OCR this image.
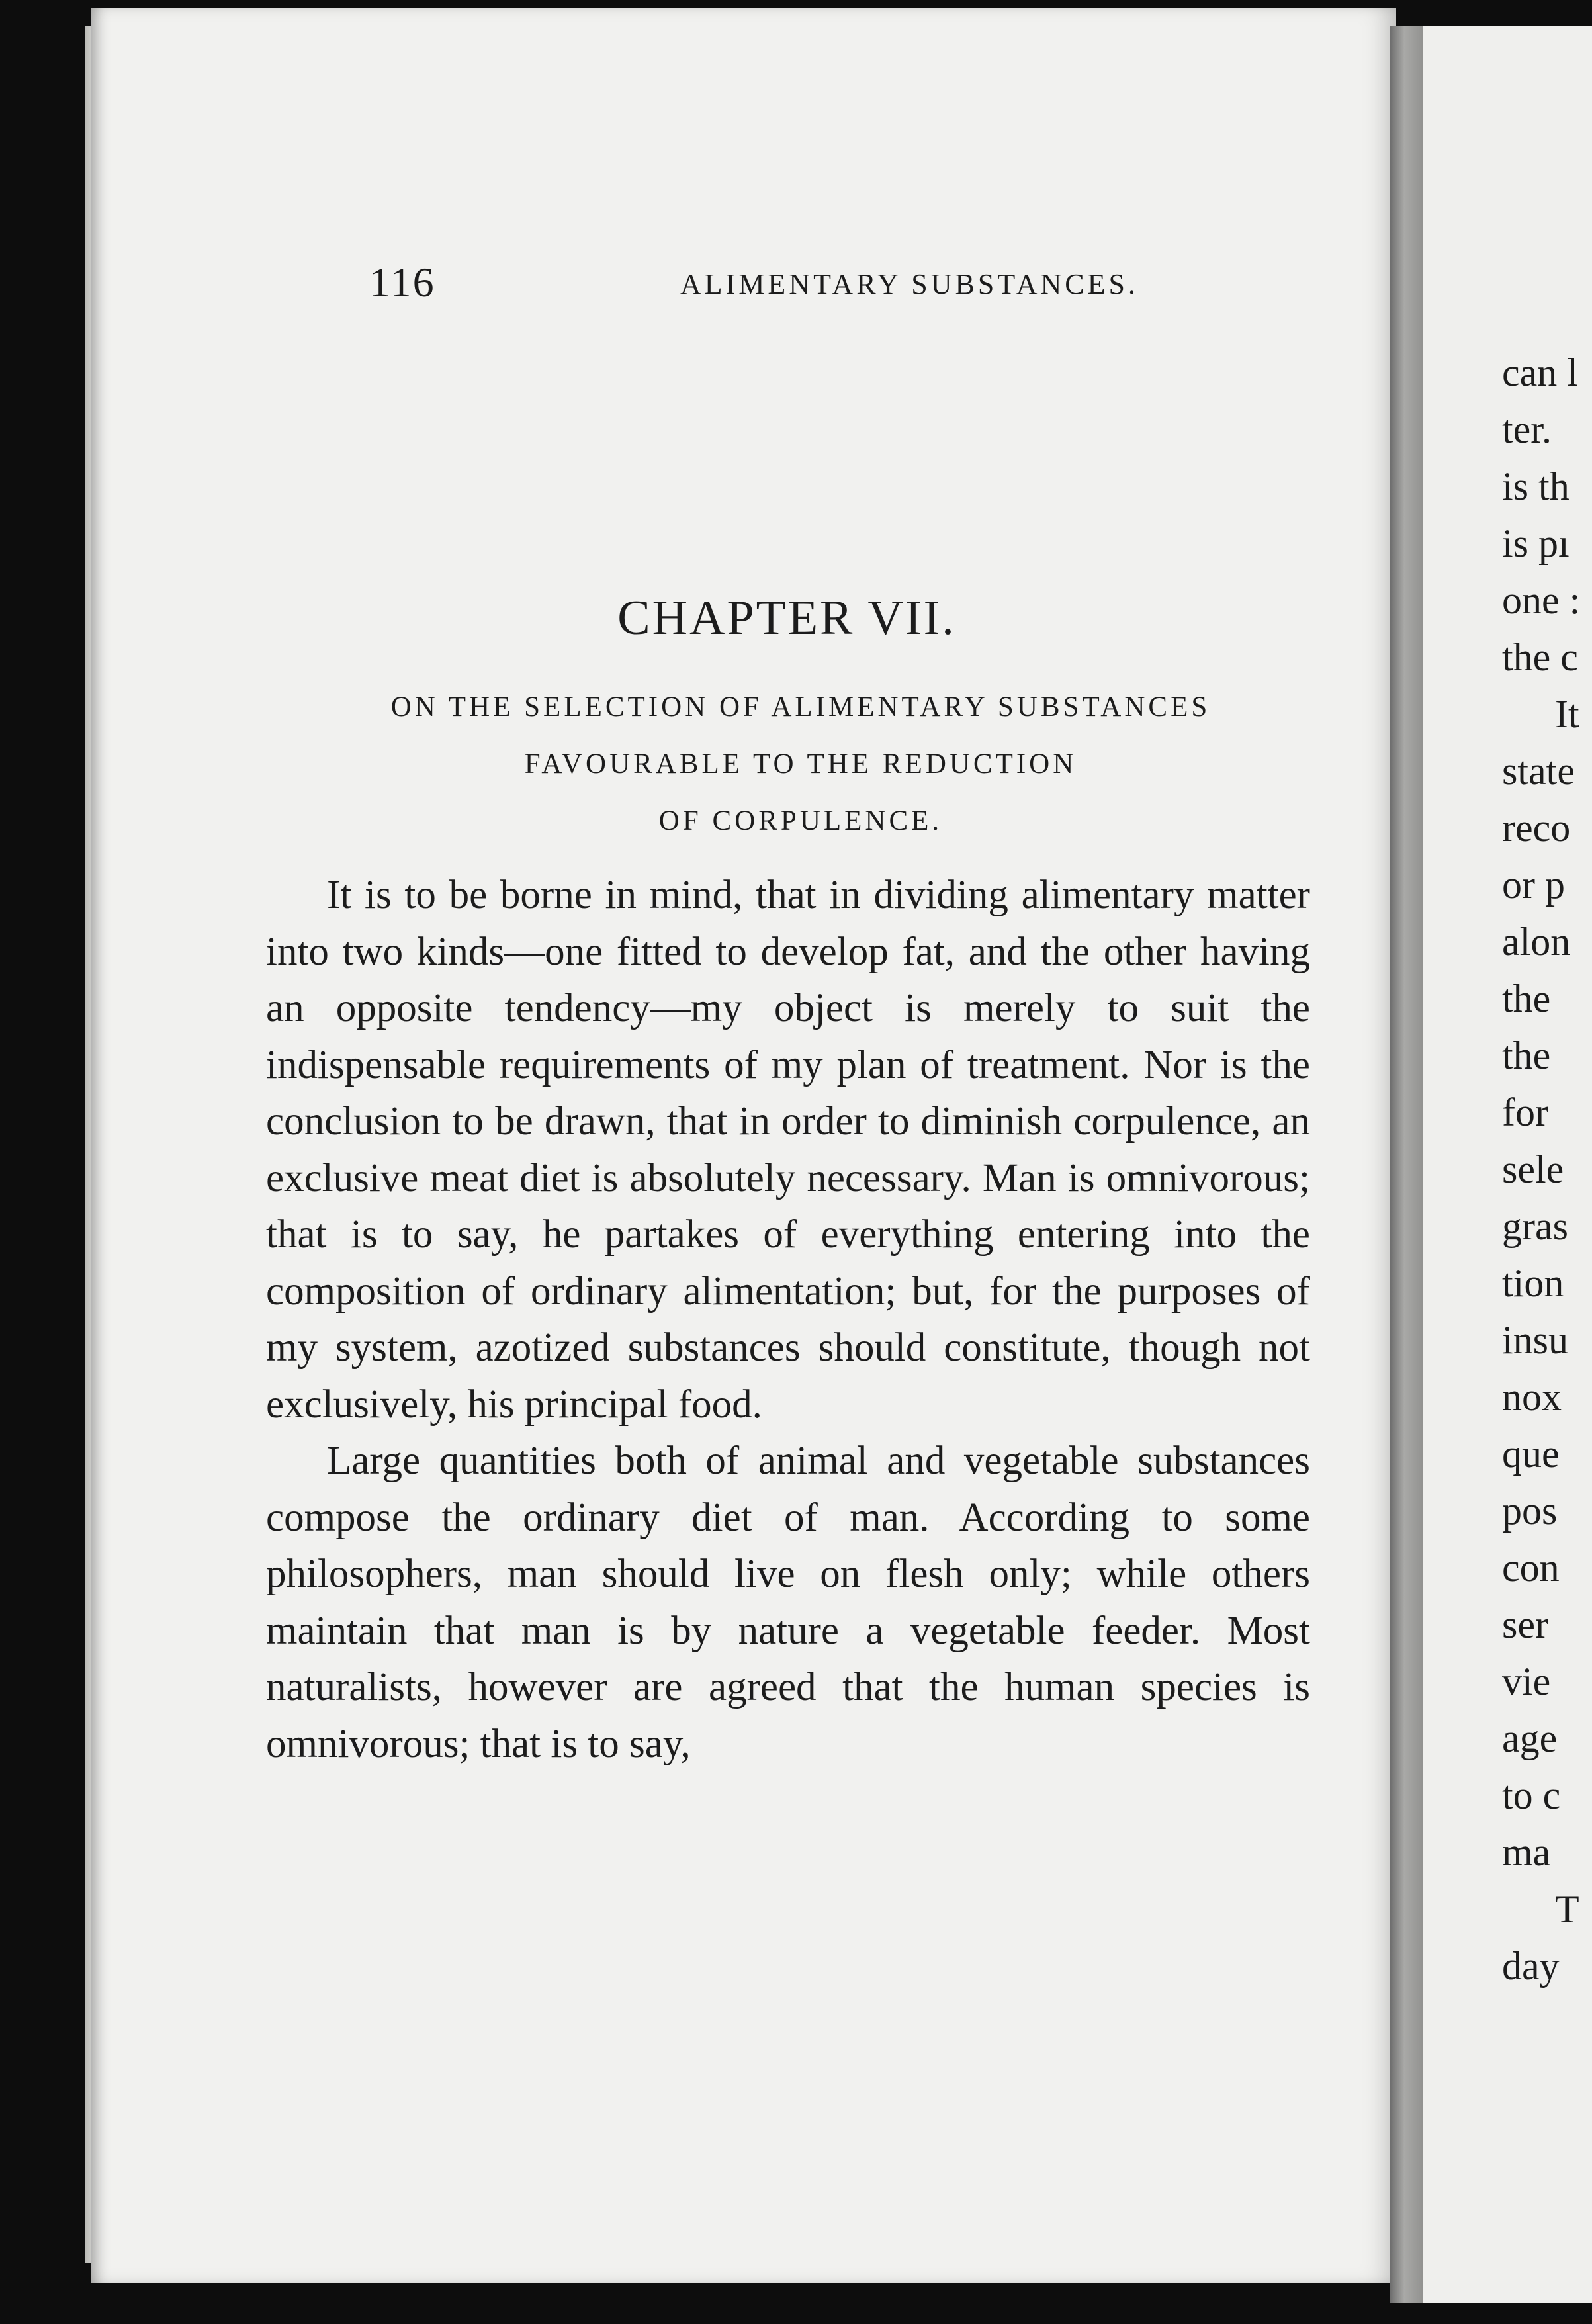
116	ALIMENTARY SUBSTANCES.
CHAPTER VII.
ON THE SELECTION OF ALIMENTARY SUBSTANCES
FAVOURABLE TO THE REDUCTION
OF CORPULENCE.

It is to be borne in mind, that in dividing alimentary matter into two kinds—one fitted to develop fat, and the other having an opposite tendency—my object is merely to suit the indispensable requirements of my plan of treatment. Nor is the conclusion to be drawn, that in order to diminish corpulence, an exclusive meat diet is absolutely necessary. Man is omnivorous; that is to say, he partakes of everything entering into the composition of ordinary alimentation; but, for the purposes of my system, azotized substances should constitute, though not exclusively, his principal food.

Large quantities both of animal and vegetable substances compose the ordinary diet of man. According to some philosophers, man should live on flesh only; while others maintain that man is by nature a vegetable feeder. Most naturalists, however are agreed that the human species is omnivorous; that is to say,

can l
ter.
is th
is pı
one :
the c
It
state
reco
or p
alon
the
the
for
sele
gras
tion
insu
nox
que
pos
con
ser
vie
age
to c
ma
T
day
